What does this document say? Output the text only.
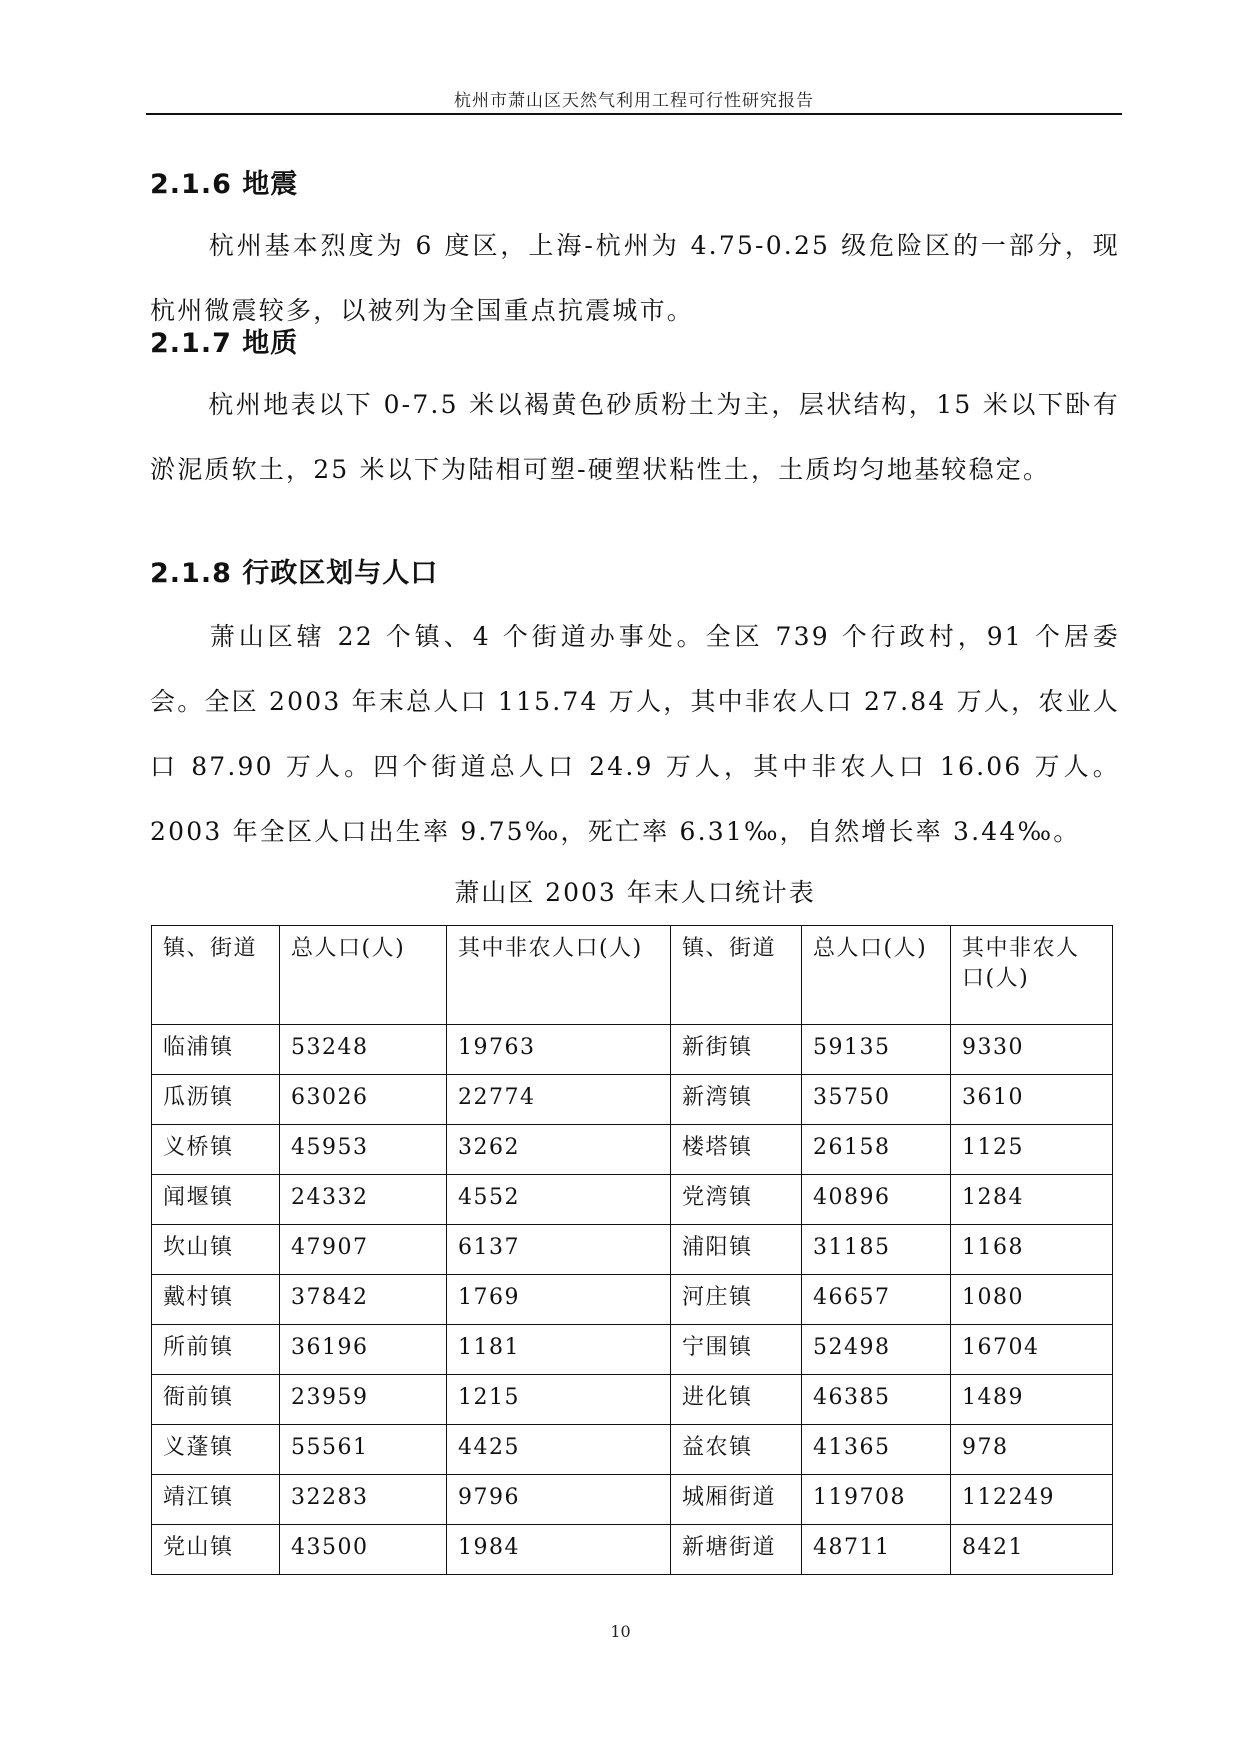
杭州市萧山区天然气利用工程可行性研究报告
2.1.6 地震
杭州基本烈度为 6 度区，上海-杭州为 4.75-0.25 级危险区的一部分，现杭州微震较多，以被列为全国重点抗震城市。
2.1.7 地质
杭州地表以下 0-7.5 米以褐黄色砂质粉土为主，层状结构，15 米以下卧有淤泥质软土，25 米以下为陆相可塑-硬塑状粘性土，土质均匀地基较稳定。
2.1.8 行政区划与人口
萧山区辖 22 个镇、4 个街道办事处。全区 739 个行政村，91 个居委会。全区 2003 年末总人口 115.74 万人，其中非农人口 27.84 万人，农业人口 87.90 万人。四个街道总人口 24.9 万人，其中非农人口 16.06 万人。2003 年全区人口出生率 9.75‰，死亡率 6.31‰，自然增长率 3.44‰。
萧山区 2003 年末人口统计表
镇、街道	总人口(人)	其中非农人口(人)	镇、街道	总人口(人)	其中非农人口(人)
临浦镇	53248	19763	新街镇	59135	9330
瓜沥镇	63026	22774	新湾镇	35750	3610
义桥镇	45953	3262	楼塔镇	26158	1125
闻堰镇	24332	4552	党湾镇	40896	1284
坎山镇	47907	6137	浦阳镇	31185	1168
戴村镇	37842	1769	河庄镇	46657	1080
所前镇	36196	1181	宁围镇	52498	16704
衙前镇	23959	1215	进化镇	46385	1489
义蓬镇	55561	4425	益农镇	41365	978
靖江镇	32283	9796	城厢街道	119708	112249
党山镇	43500	1984	新塘街道	48711	8421
10
